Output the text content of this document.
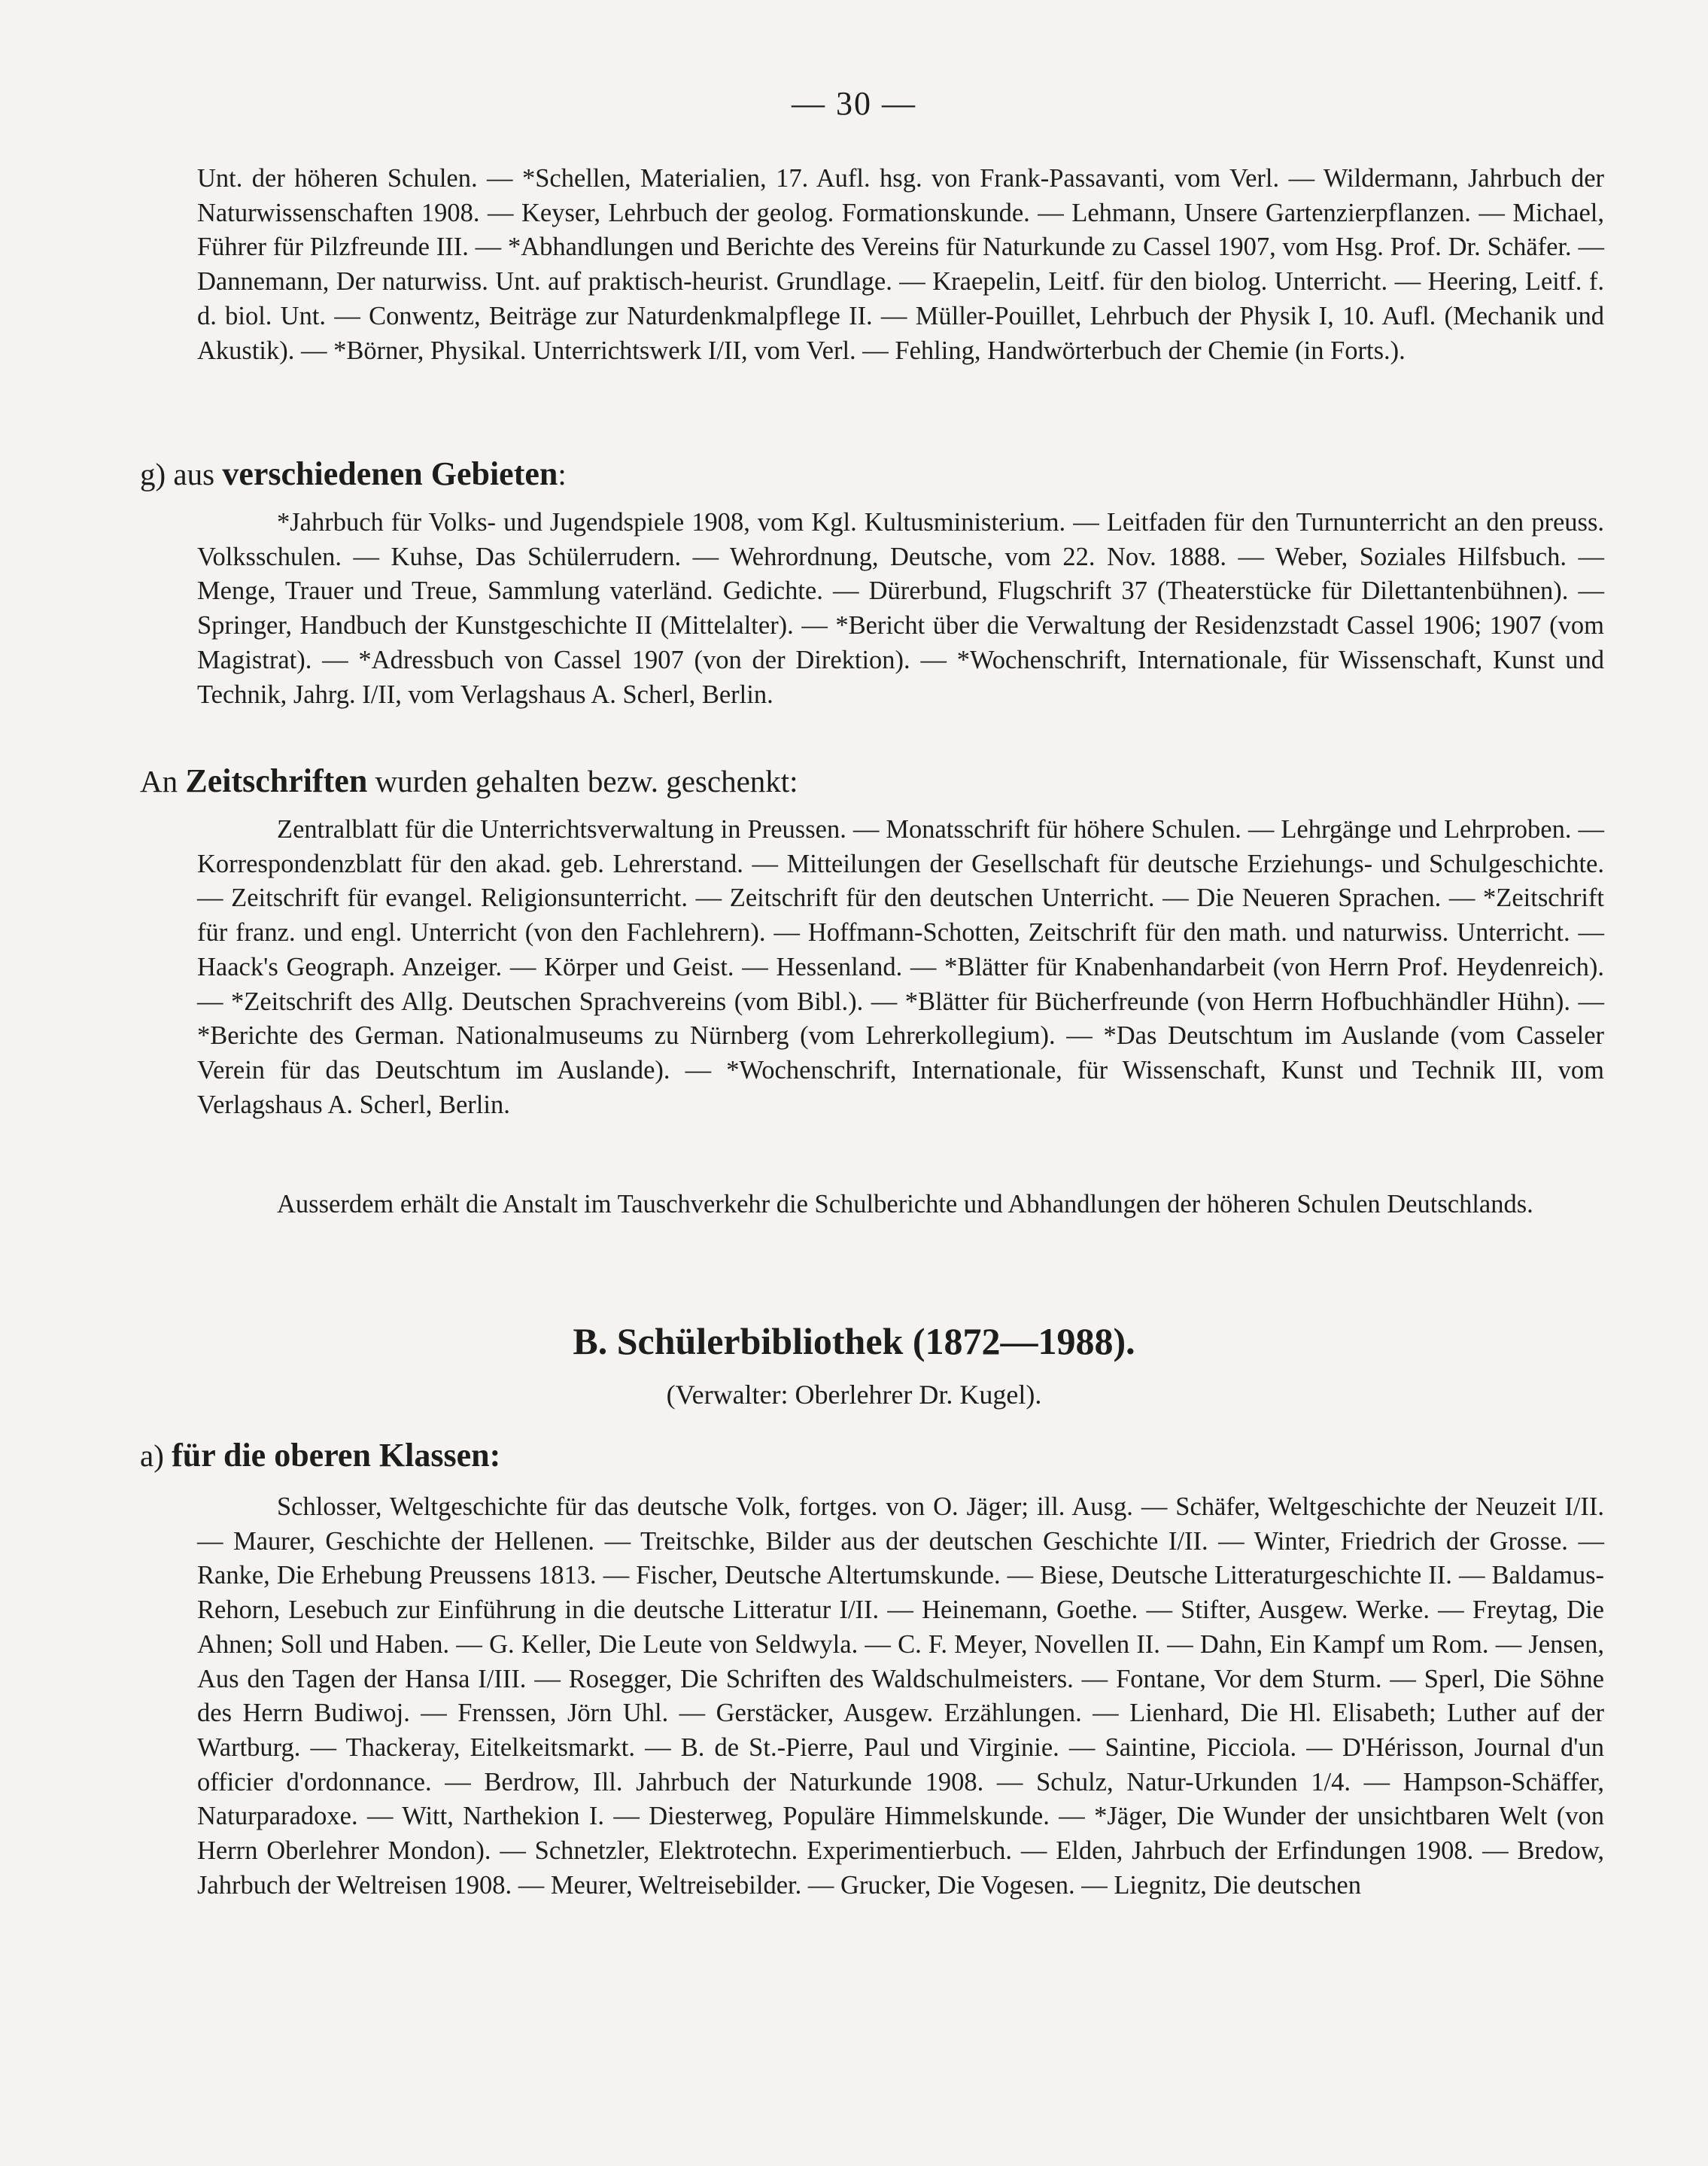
— 30 —

Unt. der höheren Schulen. — *Schellen, Materialien, 17. Aufl. hsg. von Frank-Passavanti, vom Verl. — Wildermann, Jahrbuch der Naturwissenschaften 1908. — Keyser, Lehrbuch der geolog. Formationskunde. — Lehmann, Unsere Gartenzierpflanzen. — Michael, Führer für Pilzfreunde III. — *Abhandlungen und Berichte des Vereins für Naturkunde zu Cassel 1907, vom Hsg. Prof. Dr. Schäfer. — Dannemann, Der naturwiss. Unt. auf praktisch-heurist. Grundlage. — Kraepelin, Leitf. für den biolog. Unterricht. — Heering, Leitf. f. d. biol. Unt. — Conwentz, Beiträge zur Naturdenkmalpflege II. — Müller-Pouillet, Lehrbuch der Physik I, 10. Aufl. (Mechanik und Akustik). — *Börner, Physikal. Unterrichtswerk I/II, vom Verl. — Fehling, Handwörterbuch der Chemie (in Forts.).

g) aus verschiedenen Gebieten:

*Jahrbuch für Volks- und Jugendspiele 1908, vom Kgl. Kultusministerium. — Leitfaden für den Turnunterricht an den preuss. Volksschulen. — Kuhse, Das Schülerrudern. — Wehrordnung, Deutsche, vom 22. Nov. 1888. — Weber, Soziales Hilfsbuch. — Menge, Trauer und Treue, Sammlung vaterländ. Gedichte. — Dürerbund, Flugschrift 37 (Theaterstücke für Dilettantenbühnen). — Springer, Handbuch der Kunstgeschichte II (Mittelalter). — *Bericht über die Verwaltung der Residenzstadt Cassel 1906; 1907 (vom Magistrat). — *Adressbuch von Cassel 1907 (von der Direktion). — *Wochenschrift, Internationale, für Wissenschaft, Kunst und Technik, Jahrg. I/II, vom Verlagshaus A. Scherl, Berlin.

An Zeitschriften wurden gehalten bezw. geschenkt:

Zentralblatt für die Unterrichtsverwaltung in Preussen. — Monatsschrift für höhere Schulen. — Lehrgänge und Lehrproben. — Korrespondenzblatt für den akad. geb. Lehrerstand. — Mitteilungen der Gesellschaft für deutsche Erziehungs- und Schulgeschichte. — Zeitschrift für evangel. Religionsunterricht. — Zeitschrift für den deutschen Unterricht. — Die Neueren Sprachen. — *Zeitschrift für franz. und engl. Unterricht (von den Fachlehrern). — Hoffmann-Schotten, Zeitschrift für den math. und naturwiss. Unterricht. — Haack's Geograph. Anzeiger. — Körper und Geist. — Hessenland. — *Blätter für Knabenhandarbeit (von Herrn Prof. Heydenreich). — *Zeitschrift des Allg. Deutschen Sprachvereins (vom Bibl.). — *Blätter für Bücherfreunde (von Herrn Hofbuchhändler Hühn). — *Berichte des German. Nationalmuseums zu Nürnberg (vom Lehrerkollegium). — *Das Deutschtum im Auslande (vom Casseler Verein für das Deutschtum im Auslande). — *Wochenschrift, Internationale, für Wissenschaft, Kunst und Technik III, vom Verlagshaus A. Scherl, Berlin.

Ausserdem erhält die Anstalt im Tauschverkehr die Schulberichte und Abhandlungen der höheren Schulen Deutschlands.

B. Schülerbibliothek (1872—1988).
(Verwalter: Oberlehrer Dr. Kugel).
a) für die oberen Klassen:

Schlosser, Weltgeschichte für das deutsche Volk, fortges. von O. Jäger; ill. Ausg. — Schäfer, Weltgeschichte der Neuzeit I/II. — Maurer, Geschichte der Hellenen. — Treitschke, Bilder aus der deutschen Geschichte I/II. — Winter, Friedrich der Grosse. — Ranke, Die Erhebung Preussens 1813. — Fischer, Deutsche Altertumskunde. — Biese, Deutsche Litteraturgeschichte II. — Baldamus-Rehorn, Lesebuch zur Einführung in die deutsche Litteratur I/II. — Heinemann, Goethe. — Stifter, Ausgew. Werke. — Freytag, Die Ahnen; Soll und Haben. — G. Keller, Die Leute von Seldwyla. — C. F. Meyer, Novellen II. — Dahn, Ein Kampf um Rom. — Jensen, Aus den Tagen der Hansa I/III. — Rosegger, Die Schriften des Waldschulmeisters. — Fontane, Vor dem Sturm. — Sperl, Die Söhne des Herrn Budiwoj. — Frenssen, Jörn Uhl. — Gerstäcker, Ausgew. Erzählungen. — Lienhard, Die Hl. Elisabeth; Luther auf der Wartburg. — Thackeray, Eitelkeitsmarkt. — B. de St.-Pierre, Paul und Virginie. — Saintine, Picciola. — D'Hérisson, Journal d'un officier d'ordonnance. — Berdrow, Ill. Jahrbuch der Naturkunde 1908. — Schulz, Natur-Urkunden 1/4. — Hampson-Schäffer, Naturparadoxe. — Witt, Narthekion I. — Diesterweg, Populäre Himmelskunde. — *Jäger, Die Wunder der unsichtbaren Welt (von Herrn Oberlehrer Mondon). — Schnetzler, Elektrotechn. Experimentierbuch. — Elden, Jahrbuch der Erfindungen 1908. — Bredow, Jahrbuch der Weltreisen 1908. — Meurer, Weltreisebilder. — Grucker, Die Vogesen. — Liegnitz, Die deutschen
